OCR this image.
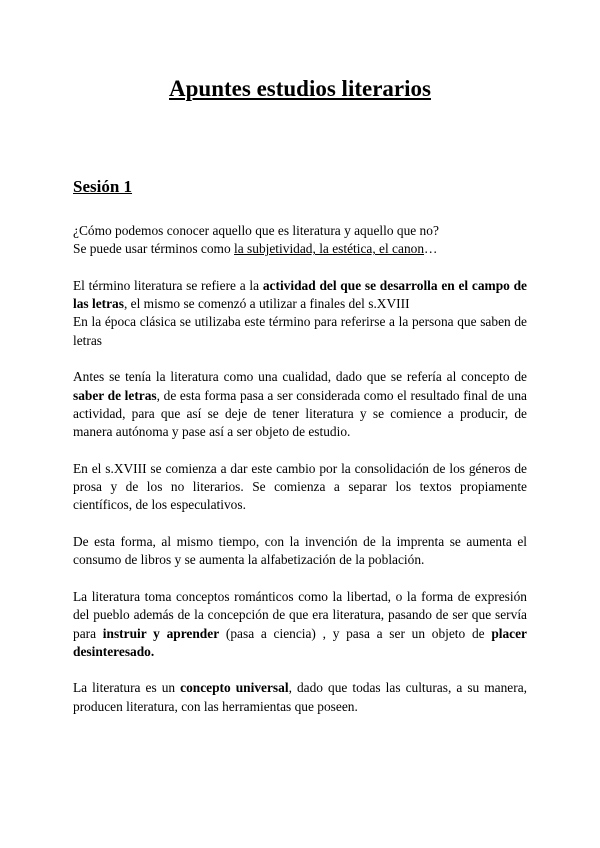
Apuntes estudios literarios
Sesión 1

¿Cómo podemos conocer aquello que es literatura y aquello que no?
Se puede usar términos como la subjetividad, la estética, el canon…

El término literatura se refiere a la actividad del que se desarrolla en el campo de las letras, el mismo se comenzó a utilizar a finales del s.XVIII
En la época clásica se utilizaba este término para referirse a la persona que saben de letras

Antes se tenía la literatura como una cualidad, dado que se refería al concepto de saber de letras, de esta forma pasa a ser considerada como el resultado final de una actividad, para que así se deje de tener literatura y se comience a producir, de manera autónoma y pase así a ser objeto de estudio.

En el s.XVIII se comienza a dar este cambio por la consolidación de los géneros de prosa y de los no literarios. Se comienza a separar los textos propiamente científicos, de los especulativos.

De esta forma, al mismo tiempo, con la invención de la imprenta se aumenta el consumo de libros y se aumenta la alfabetización de la población.

La literatura toma conceptos románticos como la libertad, o la forma de expresión del pueblo además de la concepción de que era literatura, pasando de ser que servía para instruir y aprender (pasa a ciencia) , y pasa a ser un objeto de placer desinteresado.

La literatura es un concepto universal, dado que todas las culturas, a su manera, producen literatura, con las herramientas que poseen.
